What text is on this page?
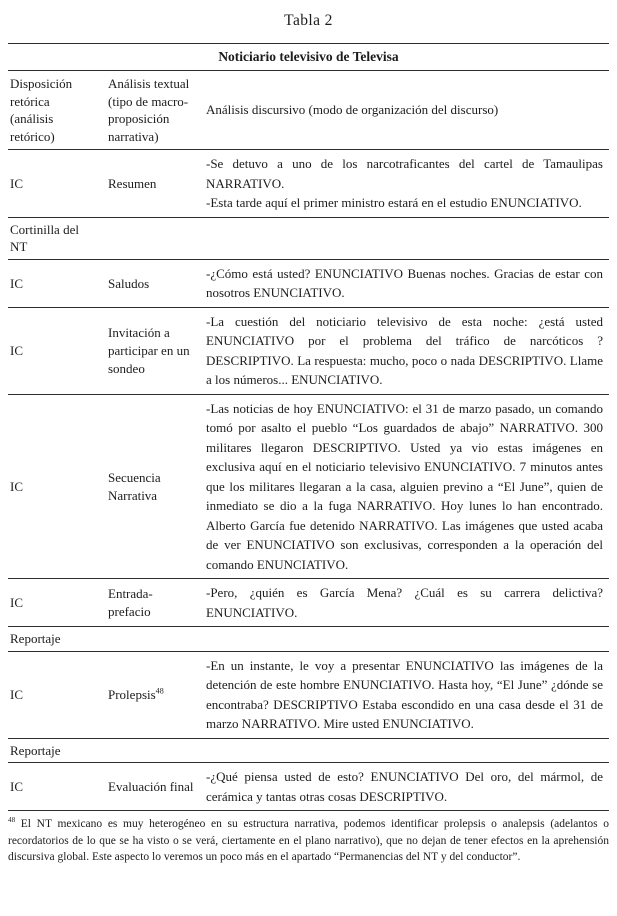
Tabla 2
Noticiario televisivo de Televisa		
Disposición retórica (análisis retórico)	Análisis textual (tipo de macro-proposición narrativa)	Análisis discursivo (modo de organización del discurso)
IC	Resumen	-Se detuvo a uno de los narcotraficantes del cartel de Tamaulipas NARRATIVO.

-Esta tarde aquí el primer ministro estará en el estudio ENUNCIATIVO.

Cortinilla del NT		

IC	Saludos	-¿Cómo está usted? ENUNCIATIVO Buenas noches. Gracias de estar con nosotros ENUNCIATIVO.
IC	Invitación a participar en un sondeo	-La cuestión del noticiario televisivo de esta noche: ¿está usted ENUNCIATIVO por el problema del tráfico de narcóticos ? DESCRIPTIVO. La respuesta: mucho, poco o nada DESCRIPTIVO. Llame a los números... ENUNCIATIVO.
IC	Secuencia Narrativa	-Las noticias de hoy ENUNCIATIVO: el 31 de marzo pasado, un comando tomó por asalto el pueblo “Los guardados de abajo” NARRATIVO. 300 militares llegaron DESCRIPTIVO. Usted ya vio estas imágenes en exclusiva aquí en el noticiario televisivo ENUNCIATIVO. 7 minutos antes que los militares llegaran a la casa, alguien previno a “El June”, quien de inmediato se dio a la fuga NARRATIVO. Hoy lunes lo han encontrado. Alberto García fue detenido NARRATIVO. Las imágenes que usted acaba de ver ENUNCIATIVO son exclusivas, corresponden a la operación del comando ENUNCIATIVO.
IC	Entrada-prefacio	-Pero, ¿quién es García Mena? ¿Cuál es su carrera delictiva? ENUNCIATIVO.

Reportaje		

IC	Prolepsis$^{48}$	-En un instante, le voy a presentar ENUNCIATIVO las imágenes de la detención de este hombre ENUNCIATIVO. Hasta hoy, “El June” ¿dónde se encontraba? DESCRIPTIVO Estaba escondido en una casa desde el 31 de marzo NARRATIVO. Mire usted ENUNCIATIVO.

Reportaje		

IC	Evaluación final	-¿Qué piensa usted de esto? ENUNCIATIVO Del oro, del mármol, de cerámica y tantas otras cosas DESCRIPTIVO.
$^{48}$ El NT mexicano es muy heterogéneo en su estructura narrativa, podemos identificar prolepsis o analepsis (adelantos o recordatorios de lo que se ha visto o se verá, ciertamente en el plano narrativo), que no dejan de tener efectos en la aprehensión discursiva global. Este aspecto lo veremos un poco más en el apartado “Permanencias del NT y del conductor”.
